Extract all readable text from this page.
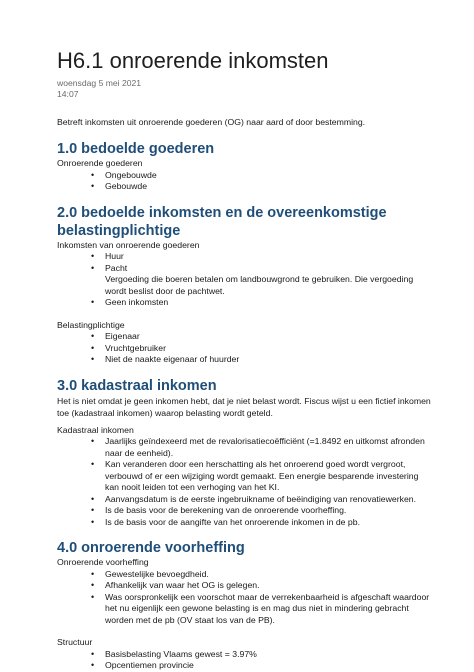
H6.1 onroerende inkomsten
woensdag 5 mei 2021
14:07
Betreft inkomsten uit onroerende goederen (OG) naar aard of door bestemming.
1.0 bedoelde goederen
Onroerende goederen
• Ongebouwde
• Gebouwde
2.0 bedoelde inkomsten en de overeenkomstige belastingplichtige
Inkomsten van onroerende goederen
• Huur
• Pacht
Vergoeding die boeren betalen om landbouwgrond te gebruiken. Die vergoeding wordt beslist door de pachtwet.
• Geen inkomsten
Belastingplichtige
• Eigenaar
• Vruchtgebruiker
• Niet de naakte eigenaar of huurder
3.0 kadastraal inkomen
Het is niet omdat je geen inkomen hebt, dat je niet belast wordt. Fiscus wijst u een fictief inkomen toe (kadastraal inkomen) waarop belasting wordt geteld.
Kadastraal inkomen
• Jaarlijks geïndexeerd met de revalorisatiecoëfficiënt (=1.8492 en uitkomst afronden naar de eenheid).
• Kan veranderen door een herschatting als het onroerend goed wordt vergroot, verbouwd of er een wijziging wordt gemaakt. Een energie besparende investering kan nooit leiden tot een verhoging van het KI.
• Aanvangsdatum is de eerste ingebruikname of beëindiging van renovatiewerken.
• Is de basis voor de berekening van de onroerende voorheffing.
• Is de basis voor de aangifte van het onroerende inkomen in de pb.
4.0 onroerende voorheffing
Onroerende voorheffing
• Gewestelijke bevoegdheid.
• Afhankelijk van waar het OG is gelegen.
• Was oorspronkelijk een voorschot maar de verrekenbaarheid is afgeschaft waardoor het nu eigenlijk een gewone belasting is en mag dus niet in mindering gebracht worden met de pb (OV staat los van de PB).
Structuur
• Basisbelasting Vlaams gewest = 3.97%
• Opcentiemen provincie
